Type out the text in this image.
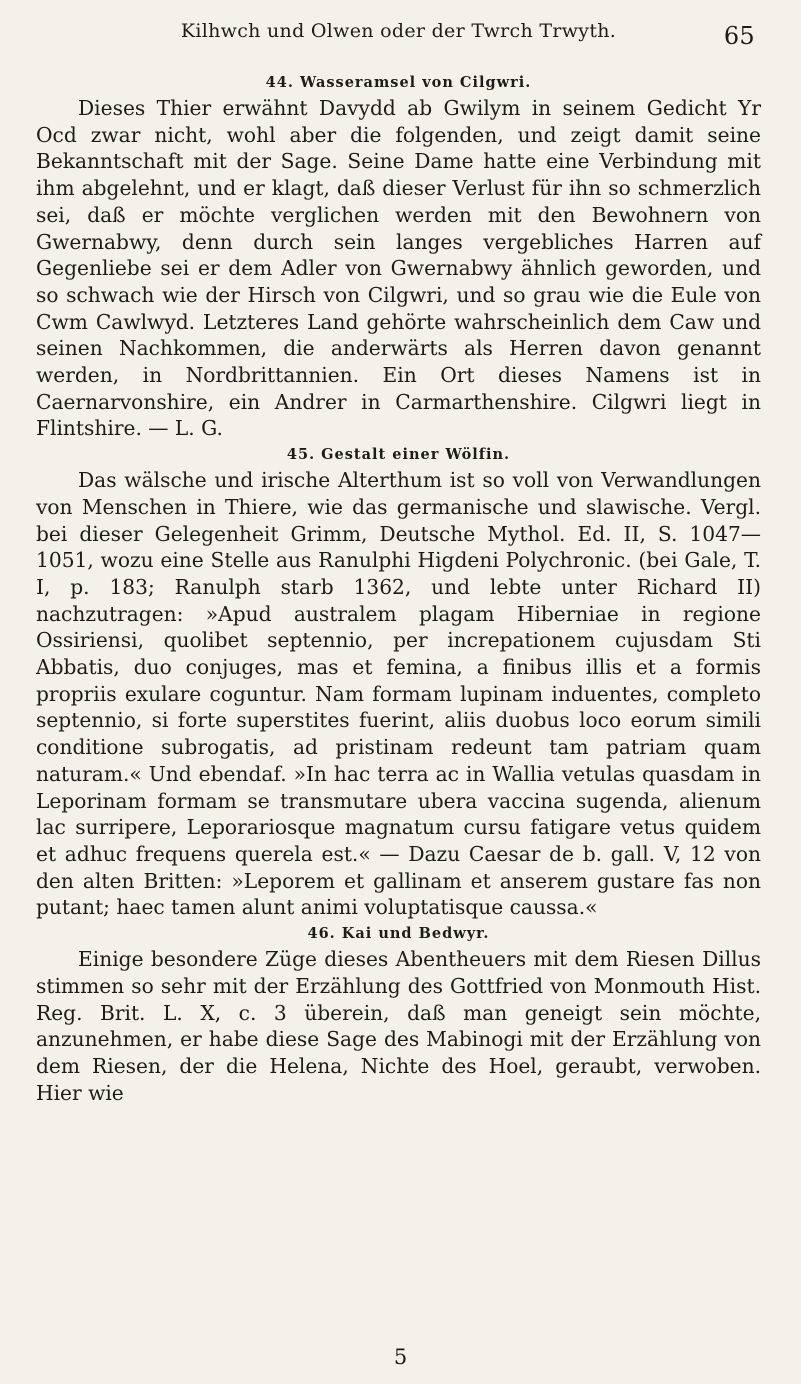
Kilhwch und Olwen oder der Twrch Trwyth.	65
44. Wasseramsel von Cilgwri.

Dieses Thier erwähnt Davydd ab Gwilym in seinem Gedicht Yr Ocd zwar nicht, wohl aber die folgenden, und zeigt damit seine Bekanntschaft mit der Sage. Seine Dame hatte eine Verbindung mit ihm abgelehnt, und er klagt, daß dieser Verlust für ihn so schmerzlich sei, daß er möchte verglichen werden mit den Bewohnern von Gwernabwy, denn durch sein langes vergebliches Harren auf Gegenliebe sei er dem Adler von Gwernabwy ähnlich geworden, und so schwach wie der Hirsch von Cilgwri, und so grau wie die Eule von Cwm Cawlwyd. Letzteres Land gehörte wahrscheinlich dem Caw und seinen Nachkommen, die anderwärts als Herren davon genannt werden, in Nordbrittannien. Ein Ort dieses Namens ist in Caernarvonshire, ein Andrer in Carmarthenshire. Cilgwri liegt in Flintshire. — L. G.

45. Gestalt einer Wölfin.

Das wälsche und irische Alterthum ist so voll von Verwandlungen von Menschen in Thiere, wie das germanische und slawische. Vergl. bei dieser Gelegenheit Grimm, Deutsche Mythol. Ed. II, S. 1047—1051, wozu eine Stelle aus Ranulphi Higdeni Polychronic. (bei Gale, T. I, p. 183; Ranulph starb 1362, und lebte unter Richard II) nachzutragen: »Apud australem plagam Hiberniae in regione Ossiriensi, quolibet septennio, per increpationem cujusdam Sti Abbatis, duo conjuges, mas et femina, a finibus illis et a formis propriis exulare coguntur. Nam formam lupinam induentes, completo septennio, si forte superstites fuerint, aliis duobus loco eorum simili conditione subrogatis, ad pristinam redeunt tam patriam quam naturam.« Und ebendaf. »In hac terra ac in Wallia vetulas quasdam in Leporinam formam se transmutare ubera vaccina sugenda, alienum lac surripere, Leporariosque magnatum cursu fatigare vetus quidem et adhuc frequens querela est.« — Dazu Caesar de b. gall. V, 12 von den alten Britten: »Leporem et gallinam et anserem gustare fas non putant; haec tamen alunt animi voluptatisque caussa.«

46. Kai und Bedwyr.

Einige besondere Züge dieses Abentheuers mit dem Riesen Dillus stimmen so sehr mit der Erzählung des Gottfried von Monmouth Hist. Reg. Brit. L. X, c. 3 überein, daß man geneigt sein möchte, anzunehmen, er habe diese Sage des Mabinogi mit der Erzählung von dem Riesen, der die Helena, Nichte des Hoel, geraubt, verwoben. Hier wie

5
